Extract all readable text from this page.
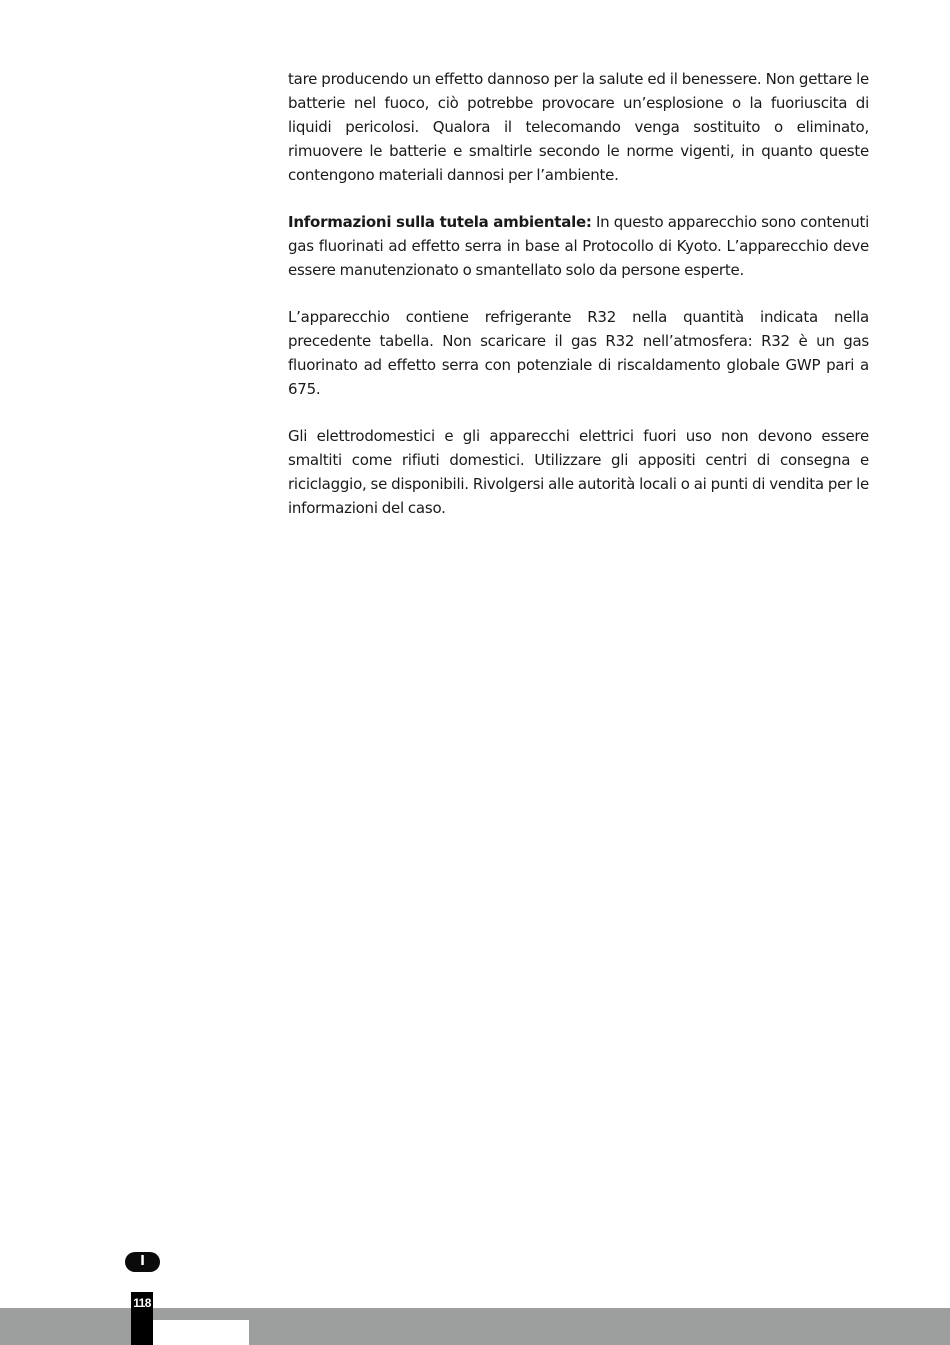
tare producendo un effetto dannoso per la salute ed il benessere. Non gettare le batterie nel fuoco, ciò potrebbe provocare un’esplosione o la fuoriuscita di liquidi pericolosi. Qualora il telecomando venga sostituito o eliminato, rimuovere le batterie e smaltirle secondo le norme vigenti, in quanto queste contengono materiali dannosi per l’ambiente.

Informazioni sulla tutela ambientale: In questo apparecchio sono contenuti gas fluorinati ad effetto serra in base al Protocollo di Kyoto. L’apparecchio deve essere manutenzionato o smantellato solo da persone esperte.

L’apparecchio contiene refrigerante R32 nella quantità indicata nella precedente tabella. Non scaricare il gas R32 nell’atmosfera: R32 è un gas fluorinato ad effetto serra con potenziale di riscaldamento globale GWP pari a 675.

Gli elettrodomestici e gli apparecchi elettrici fuori uso non devono essere smaltiti come rifiuti domestici. Utilizzare gli appositi centri di consegna e riciclaggio, se disponibili. Rivolgersi alle autorità locali o ai punti di vendita per le informazioni del caso.

I
118
